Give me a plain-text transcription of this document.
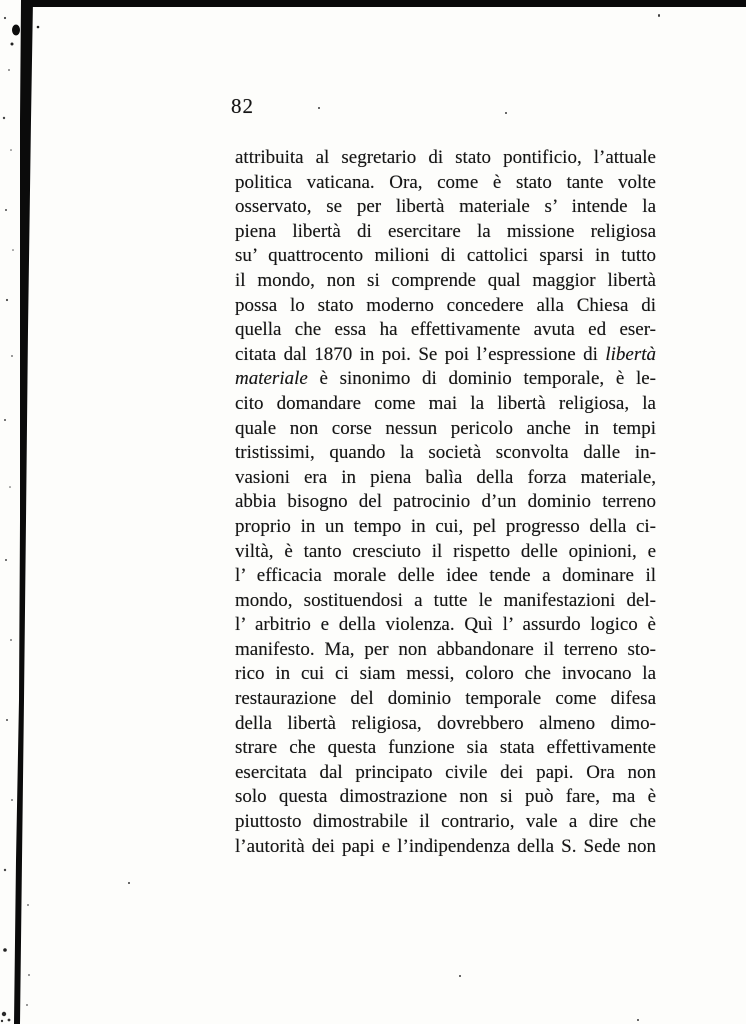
82
attribuita al segretario di stato pontificio, l’attuale
politica vaticana. Ora, come è stato tante volte
osservato, se per libertà materiale s’ intende la
piena libertà di esercitare la missione religiosa
su’ quattrocento milioni di cattolici sparsi in tutto
il mondo, non si comprende qual maggior libertà
possa lo stato moderno concedere alla Chiesa di
quella che essa ha effettivamente avuta ed eser-
citata dal 1870 in poi. Se poi l’espressione di libertà
materiale è sinonimo di dominio temporale, è le-
cito domandare come mai la libertà religiosa, la
quale non corse nessun pericolo anche in tempi
tristissimi, quando la società sconvolta dalle in-
vasioni era in piena balìa della forza materiale,
abbia bisogno del patrocinio d’un dominio terreno
proprio in un tempo in cui, pel progresso della ci-
viltà, è tanto cresciuto il rispetto delle opinioni, e
l’ efficacia morale delle idee tende a dominare il
mondo, sostituendosi a tutte le manifestazioni del-
l’ arbitrio e della violenza. Quì l’ assurdo logico è
manifesto. Ma, per non abbandonare il terreno sto-
rico in cui ci siam messi, coloro che invocano la
restaurazione del dominio temporale come difesa
della libertà religiosa, dovrebbero almeno dimo-
strare che questa funzione sia stata effettivamente
esercitata dal principato civile dei papi. Ora non
solo questa dimostrazione non si può fare, ma è
piuttosto dimostrabile il contrario, vale a dire che
l’autorità dei papi e l’indipendenza della S. Sede non
